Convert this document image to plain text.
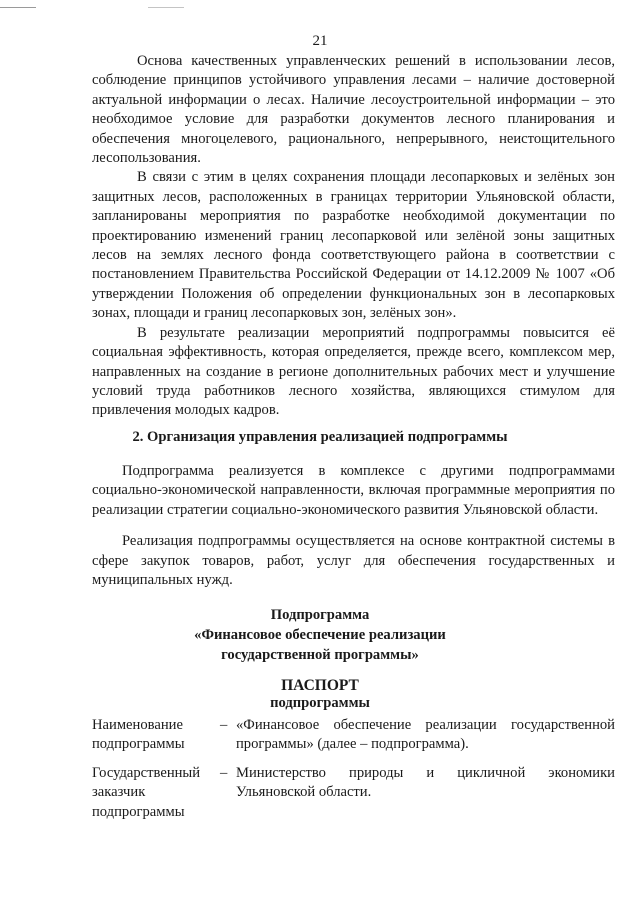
21

Основа качественных управленческих решений в использовании лесов, соблюдение принципов устойчивого управления лесами – наличие достоверной актуальной информации о лесах. Наличие лесоустроительной информации – это необходимое условие для разработки документов лесного планирования и обеспечения многоцелевого, рационального, непрерывного, неистощительного лесопользования.

В связи с этим в целях сохранения площади лесопарковых и зелёных зон защитных лесов, расположенных в границах территории Ульяновской области, запланированы мероприятия по разработке необходимой документации по проектированию изменений границ лесопарковой или зелёной зоны защитных лесов на землях лесного фонда соответствующего района в соответствии с постановлением Правительства Российской Федерации от 14.12.2009 № 1007 «Об утверждении Положения об определении функциональных зон в лесопарковых зонах, площади и границ лесопарковых зон, зелёных зон».

В результате реализации мероприятий подпрограммы повысится её социальная эффективность, которая определяется, прежде всего, комплексом мер, направленных на создание в регионе дополнительных рабочих мест и улучшение условий труда работников лесного хозяйства, являющихся стимулом для привлечения молодых кадров.

2. Организация управления реализацией подпрограммы

Подпрограмма реализуется в комплексе с другими подпрограммами социально-экономической направленности, включая программные мероприятия по реализации стратегии социально-экономического развития Ульяновской области.

Реализация подпрограммы осуществляется на основе контрактной системы в сфере закупок товаров, работ, услуг для обеспечения государственных и муниципальных нужд.

Подпрограмма
«Финансовое обеспечение реализации
государственной программы»
ПАСПОРТ
подпрограммы
Наименование
подпрограммы
– «Финансовое обеспечение реализации государственной программы» (далее – подпрограмма).
Государственный
заказчик
подпрограммы
– Министерство природы и цикличной экономики Ульяновской области.
